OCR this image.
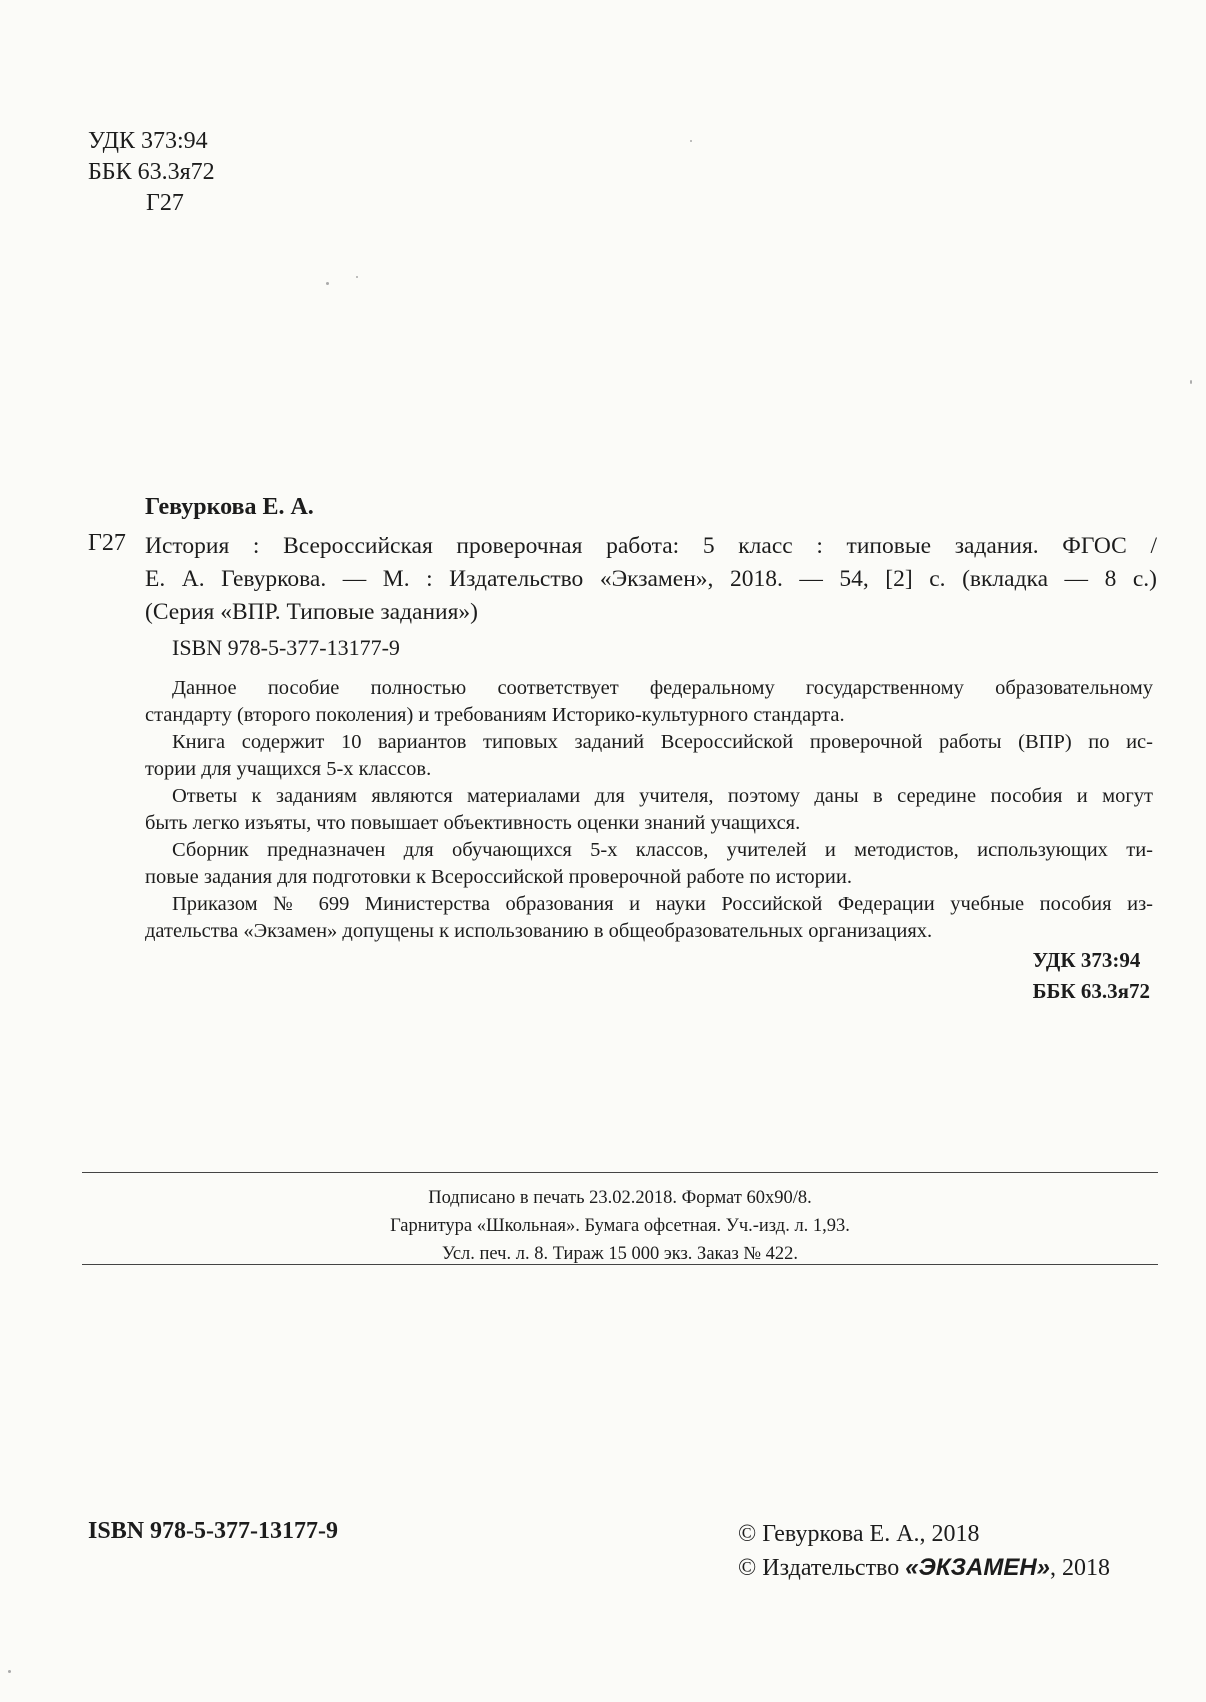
УДК 373:94
ББК 63.3я72
Г27
Гевуркова Е. А.
Г27 История : Всероссийская проверочная работа: 5 класс : типовые задания. ФГОС /
Е. А. Гевуркова. — М. : Издательство «Экзамен», 2018. — 54, [2] с. (вкладка — 8 с.)
(Серия «ВПР. Типовые задания»)
ISBN 978-5-377-13177-9

Данное пособие полностью соответствует федеральному государственному образовательному
стандарту (второго поколения) и требованиям Историко-культурного стандарта.

Книга содержит 10 вариантов типовых заданий Всероссийской проверочной работы (ВПР) по ис-
тории для учащихся 5-х классов.

Ответы к заданиям являются материалами для учителя, поэтому даны в середине пособия и могут
быть легко изъяты, что повышает объективность оценки знаний учащихся.

Сборник предназначен для обучающихся 5-х классов, учителей и методистов, использующих ти-
повые задания для подготовки к Всероссийской проверочной работе по истории.

Приказом № 699 Министерства образования и науки Российской Федерации учебные пособия из-
дательства «Экзамен» допущены к использованию в общеобразовательных организациях.

УДК 373:94
ББК 63.3я72
Подписано в печать 23.02.2018. Формат 60х90/8.
Гарнитура «Школьная». Бумага офсетная. Уч.-изд. л. 1,93.
Усл. печ. л. 8. Тираж 15 000 экз. Заказ № 422.
ISBN 978-5-377-13177-9	© Гевуркова Е. А., 2018
© Издательство «ЭКЗАМЕН», 2018
